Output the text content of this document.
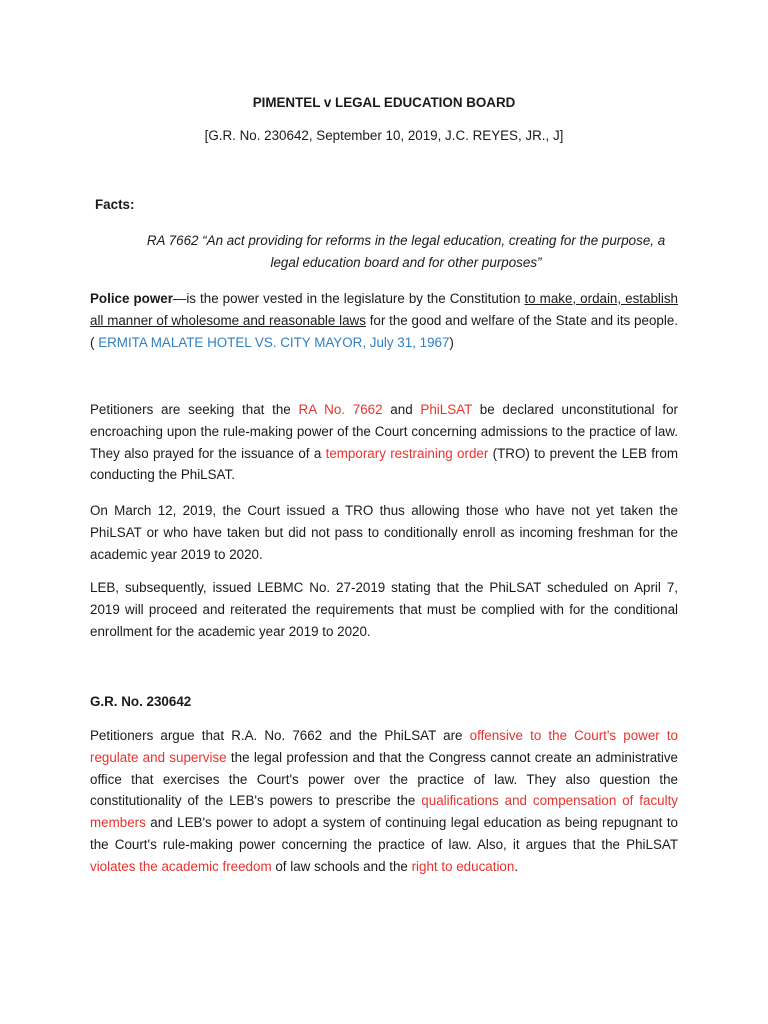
PIMENTEL v LEGAL EDUCATION BOARD

[G.R. No. 230642, September 10, 2019, J.C. REYES, JR., J]

Facts:

RA 7662 “An act providing for reforms in the legal education, creating for the purpose, a legal education board and for other purposes”

Police power—is the power vested in the legislature by the Constitution to make, ordain, establish all manner of wholesome and reasonable laws for the good and welfare of the State and its people. ( ERMITA MALATE HOTEL VS. CITY MAYOR, July 31, 1967)

Petitioners are seeking that the RA No. 7662 and PhiLSAT be declared unconstitutional for encroaching upon the rule-making power of the Court concerning admissions to the practice of law. They also prayed for the issuance of a temporary restraining order (TRO) to prevent the LEB from conducting the PhiLSAT.

On March 12, 2019, the Court issued a TRO thus allowing those who have not yet taken the PhiLSAT or who have taken but did not pass to conditionally enroll as incoming freshman for the academic year 2019 to 2020.

LEB, subsequently, issued LEBMC No. 27-2019 stating that the PhiLSAT scheduled on April 7, 2019 will proceed and reiterated the requirements that must be complied with for the conditional enrollment for the academic year 2019 to 2020.

G.R. No. 230642

Petitioners argue that R.A. No. 7662 and the PhiLSAT are offensive to the Court's power to regulate and supervise the legal profession and that the Congress cannot create an administrative office that exercises the Court's power over the practice of law. They also question the constitutionality of the LEB's powers to prescribe the qualifications and compensation of faculty members and LEB's power to adopt a system of continuing legal education as being repugnant to the Court's rule-making power concerning the practice of law. Also, it argues that the PhiLSAT violates the academic freedom of law schools and the right to education.
